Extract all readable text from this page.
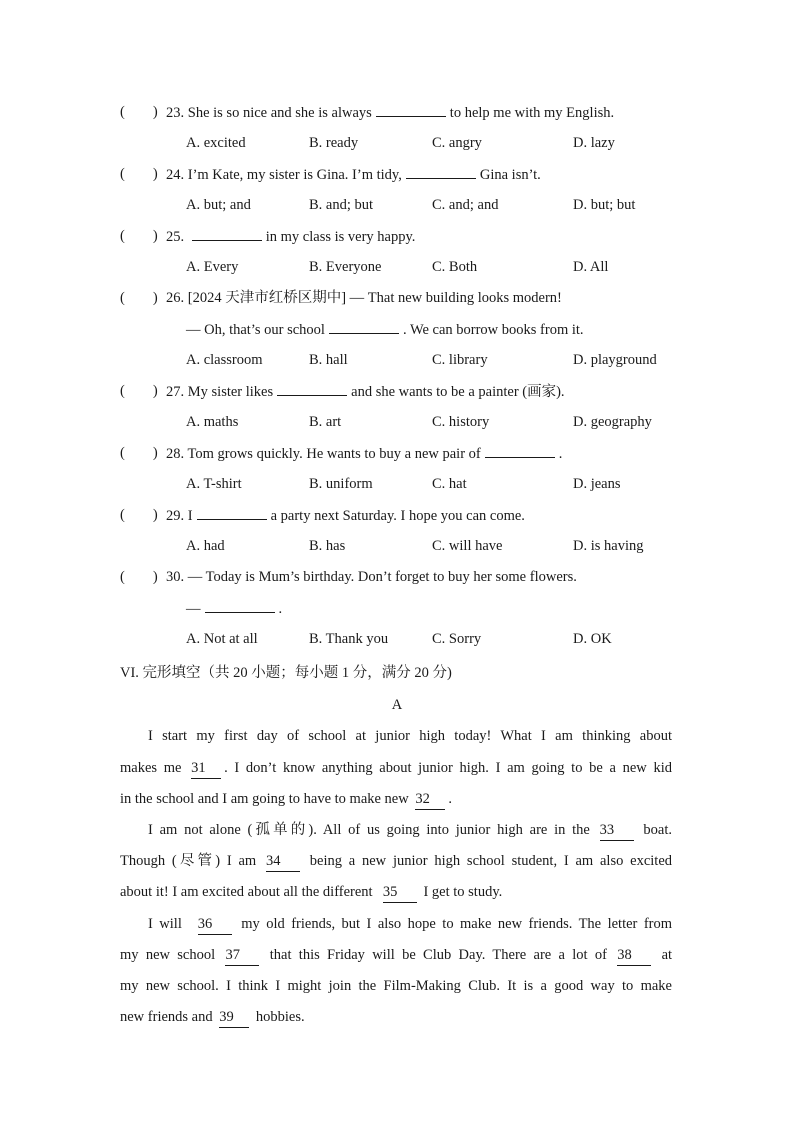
( ) 23. She is so nice and she is always	to help me with my English.
A. excited	B. ready	C. angry	D. lazy
( ) 24. I’m Kate, my sister is Gina. I’m tidy,	Gina isn’t.
A. but; and	B. and; but	C. and; and	D. but; but
( ) 25.	in my class is very happy.
A. Every	B. Everyone	C. Both	D. All
( ) 26. [2024 天津市红桥区期中] — That new building looks modern!
— Oh, that’s our school	. We can borrow books from it.
A. classroom	B. hall	C. library	D. playground
( ) 27. My sister likes	and she wants to be a painter (画家).
A. maths	B. art	C. history	D. geography
( ) 28. Tom grows quickly. He wants to buy a new pair of	.
A. T-shirt	B. uniform	C. hat	D. jeans
( ) 29. I	a party next Saturday. I hope you can come.
A. had	B. has	C. will have	D. is having
( ) 30. — Today is Mum’s birthday. Don’t forget to buy her some flowers.
—	.
A. Not at all	B. Thank you	C. Sorry	D. OK
VI. 完形填空（共 20 小题；每小题 1 分，满分 20 分)
A
I start my first day of school at junior high today! What I am thinking about
makes me 31 . I don’t know anything about junior high. I am going to be a new kid
in the school and I am going to have to make new 32 .
I am not alone (孤单的). All of us going into junior high are in the 33 boat.
Though (尽管) I am 34 being a new junior high school student, I am also excited
about it! I am excited about all the different 35 I get to study.
I will 36 my old friends, but I also hope to make new friends. The letter from
my new school 37 that this Friday will be Club Day. There are a lot of 38 at
my new school. I think I might join the Film-Making Club. It is a good way to make
new friends and 39 hobbies.
